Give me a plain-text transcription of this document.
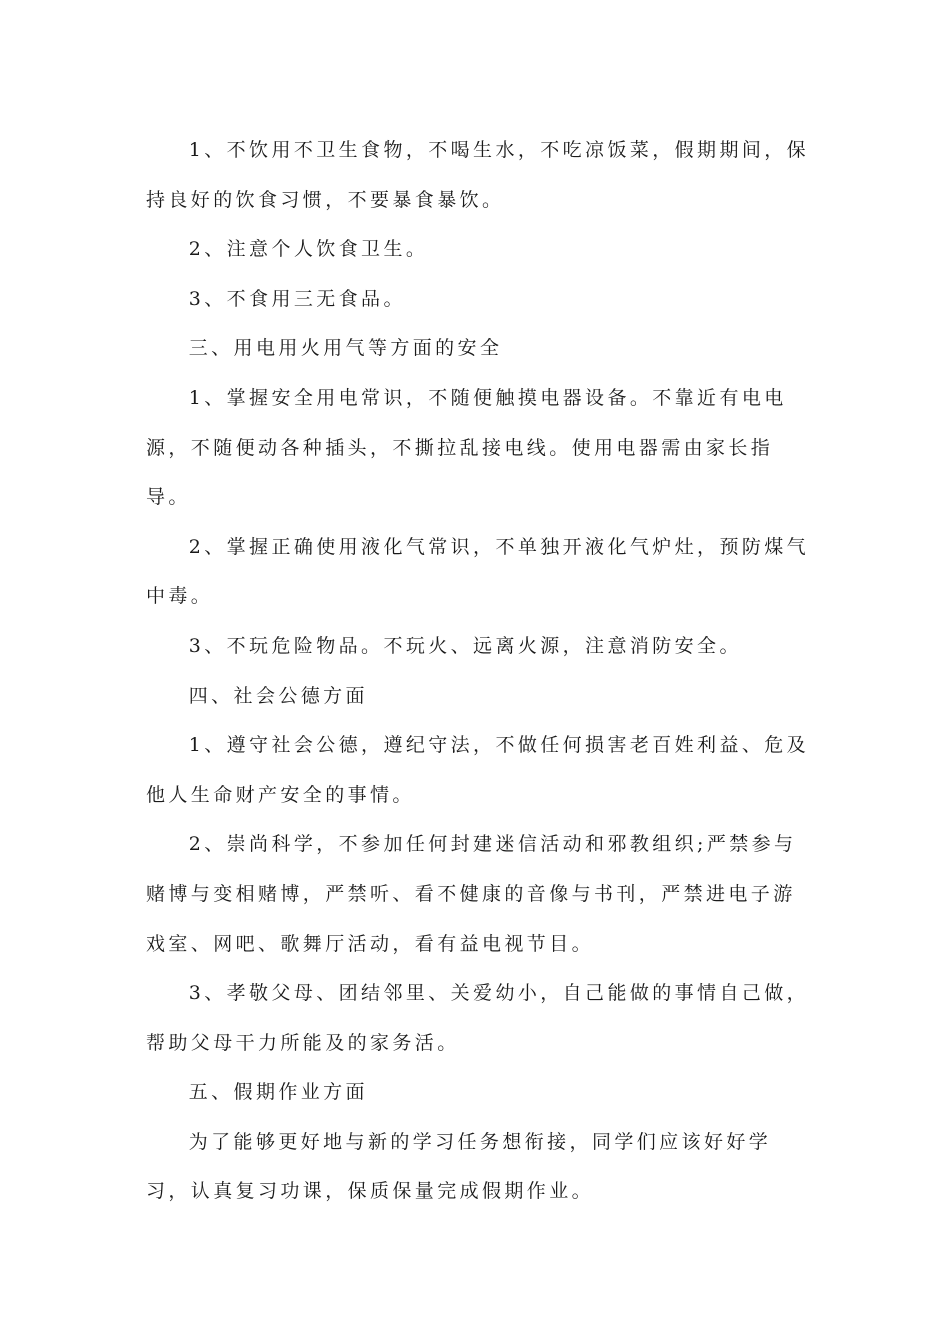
1、不饮用不卫生食物，不喝生水，不吃凉饭菜，假期期间，保持良好的饮食习惯，不要暴食暴饮。

2、注意个人饮食卫生。

3、不食用三无食品。

三、用电用火用气等方面的安全

1、掌握安全用电常识，不随便触摸电器设备。不靠近有电电源，不随便动各种插头，不撕拉乱接电线。使用电器需由家长指导。

2、掌握正确使用液化气常识，不单独开液化气炉灶，预防煤气中毒。

3、不玩危险物品。不玩火、远离火源，注意消防安全。

四、社会公德方面

1、遵守社会公德，遵纪守法，不做任何损害老百姓利益、危及他人生命财产安全的事情。

2、崇尚科学，不参加任何封建迷信活动和邪教组织;严禁参与赌博与变相赌博，严禁听、看不健康的音像与书刊，严禁进电子游戏室、网吧、歌舞厅活动，看有益电视节目。

3、孝敬父母、团结邻里、关爱幼小，自己能做的事情自己做，帮助父母干力所能及的家务活。

五、假期作业方面

为了能够更好地与新的学习任务想衔接，同学们应该好好学习，认真复习功课，保质保量完成假期作业。
